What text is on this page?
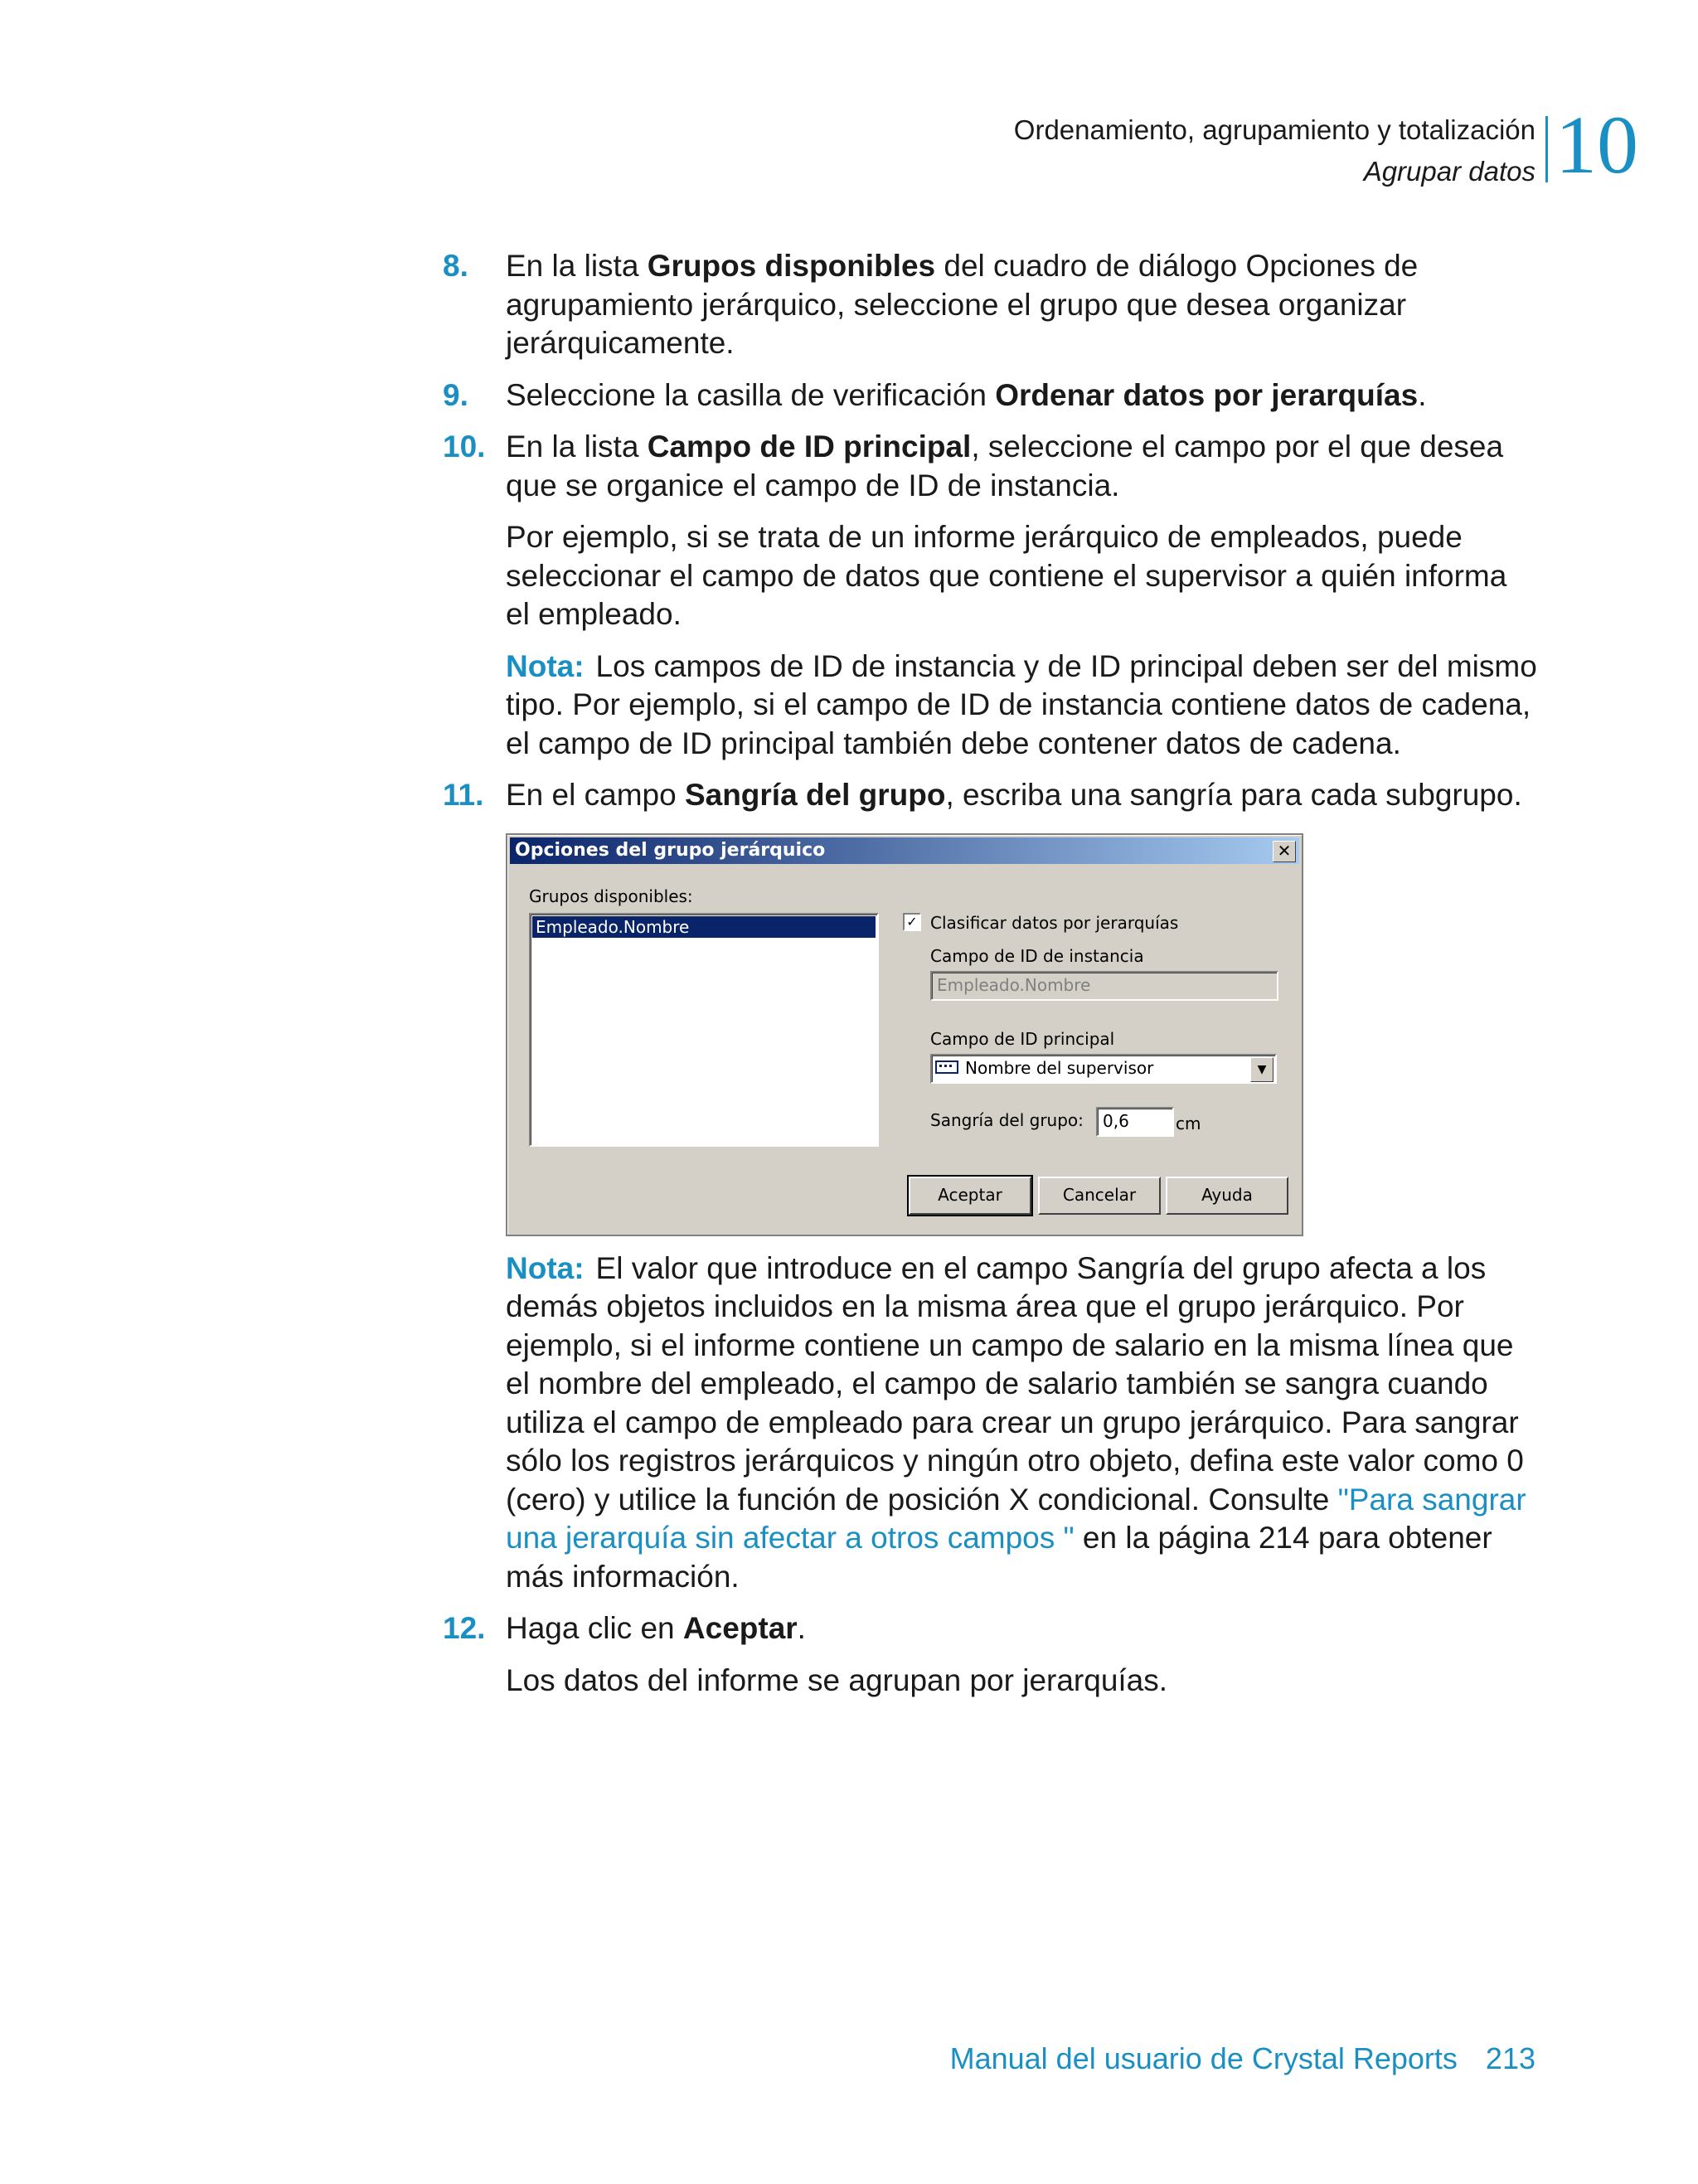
Ordenamiento, agrupamiento y totalización
Agrupar datos 10
8. En la lista Grupos disponibles del cuadro de diálogo Opciones de agrupamiento jerárquico, seleccione el grupo que desea organizar jerárquicamente.
9. Seleccione la casilla de verificación Ordenar datos por jerarquías.
10. En la lista Campo de ID principal, seleccione el campo por el que desea que se organice el campo de ID de instancia.
Por ejemplo, si se trata de un informe jerárquico de empleados, puede seleccionar el campo de datos que contiene el supervisor a quién informa el empleado.
Nota: Los campos de ID de instancia y de ID principal deben ser del mismo tipo. Por ejemplo, si el campo de ID de instancia contiene datos de cadena, el campo de ID principal también debe contener datos de cadena.
11. En el campo Sangría del grupo, escriba una sangría para cada subgrupo.
Opciones del grupo jerárquico	✕
Grupos disponibles:
Empleado.Nombre	✓ Clasificar datos por jerarquías
Campo de ID de instancia
Empleado.Nombre
Campo de ID principal
Nombre del supervisor	▼
Sangría del grupo:	0,6	cm
Aceptar	Cancelar	Ayuda
Nota: El valor que introduce en el campo Sangría del grupo afecta a los demás objetos incluidos en la misma área que el grupo jerárquico. Por ejemplo, si el informe contiene un campo de salario en la misma línea que el nombre del empleado, el campo de salario también se sangra cuando utiliza el campo de empleado para crear un grupo jerárquico. Para sangrar sólo los registros jerárquicos y ningún otro objeto, defina este valor como 0 (cero) y utilice la función de posición X condicional. Consulte "Para sangrar una jerarquía sin afectar a otros campos " en la página 214 para obtener más información.
12. Haga clic en Aceptar.
Los datos del informe se agrupan por jerarquías.
Manual del usuario de Crystal Reports 213
